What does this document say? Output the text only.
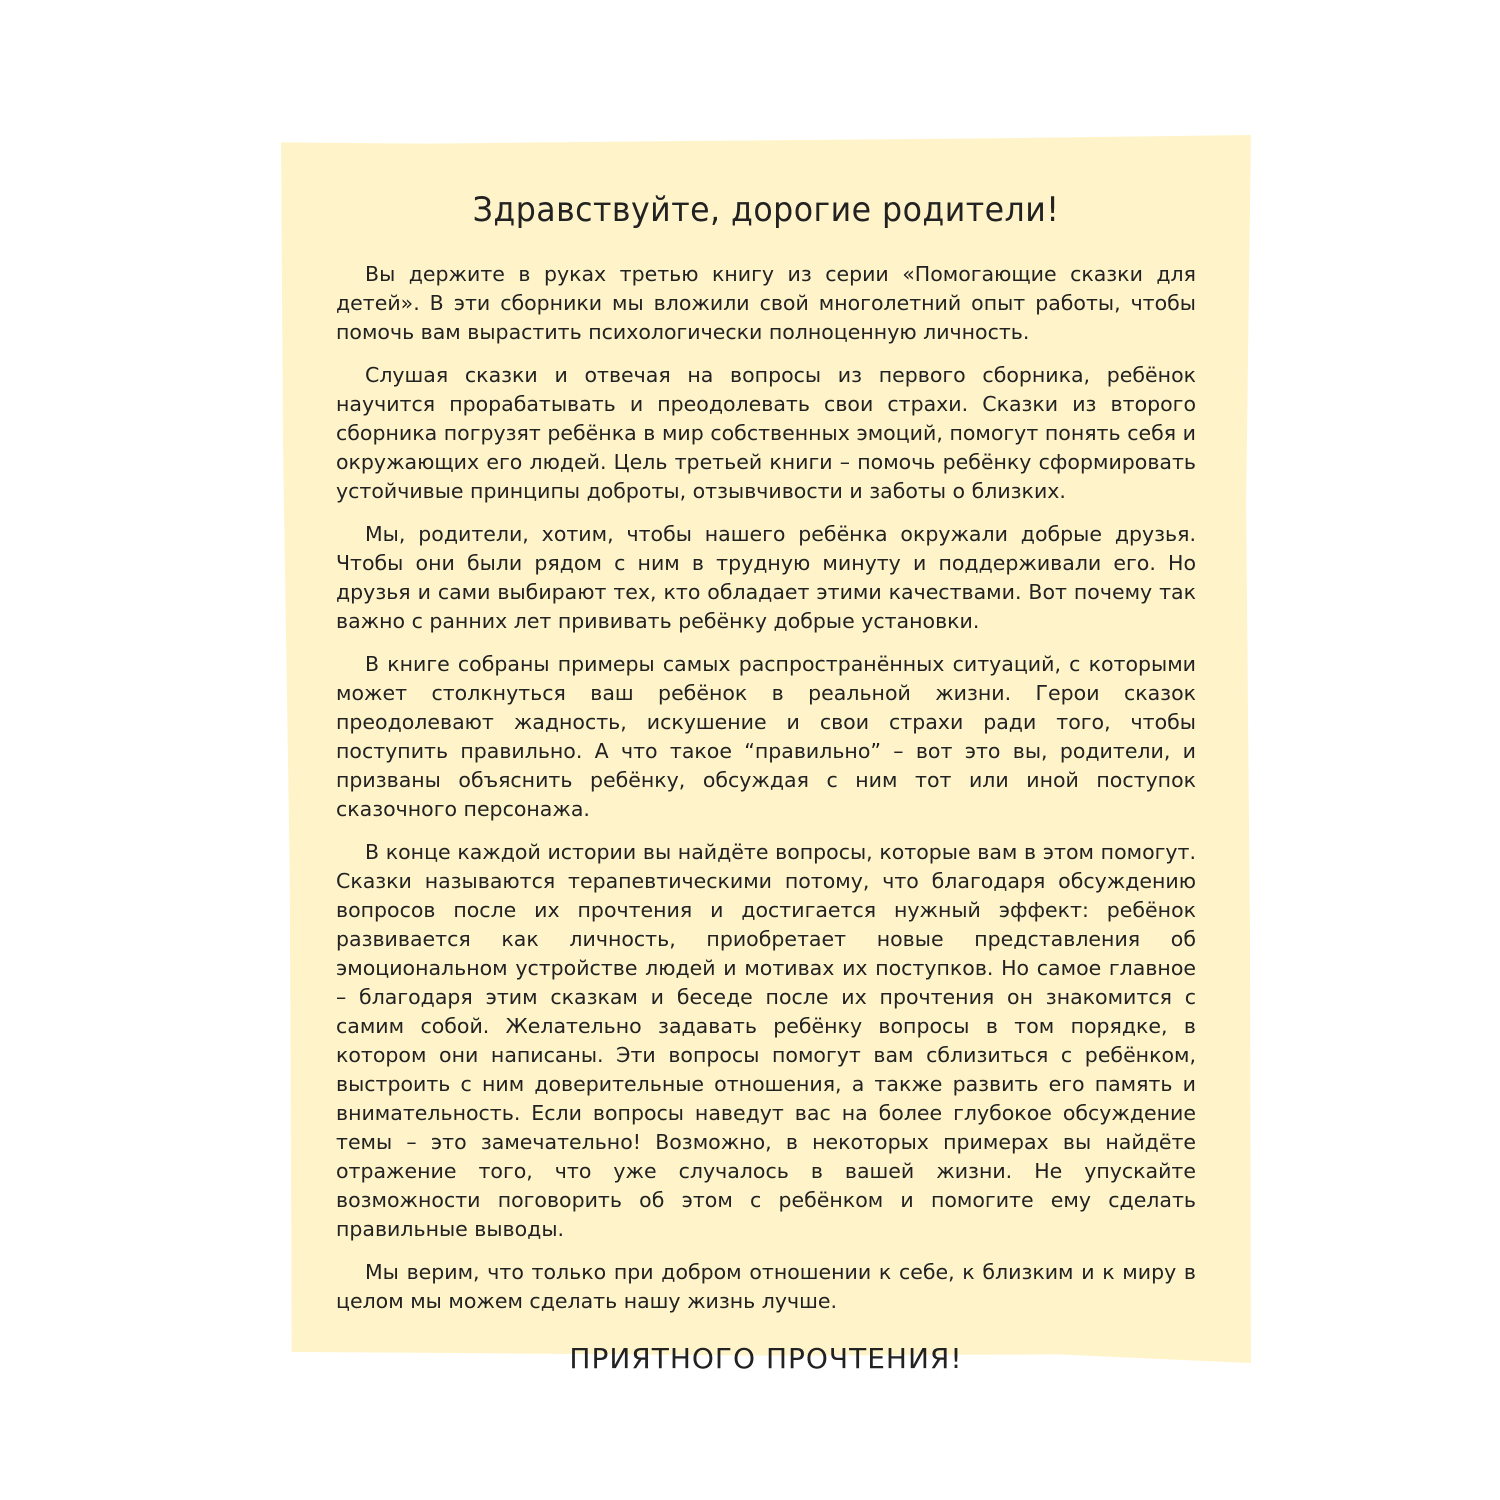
Здравствуйте, дорогие родители!

Вы держите в руках третью книгу из серии «Помогающие сказки для детей». В эти сборники мы вложили свой многолетний опыт работы, чтобы помочь вам вырастить психологически полноценную личность.

Слушая сказки и отвечая на вопросы из первого сборника, ребёнок научится прорабатывать и преодолевать свои страхи. Сказки из второго сборника погрузят ребёнка в мир собственных эмоций, помогут понять себя и окружающих его людей. Цель третьей книги – помочь ребёнку сформировать устойчивые принципы доброты, отзывчивости и заботы о близких.

Мы, родители, хотим, чтобы нашего ребёнка окружали добрые друзья. Чтобы они были рядом с ним в трудную минуту и поддерживали его. Но друзья и сами выбирают тех, кто обладает этими качествами. Вот почему так важно с ранних лет прививать ребёнку добрые установки.

В книге собраны примеры самых распространённых ситуаций, с которыми может столкнуться ваш ребёнок в реальной жизни. Герои сказок преодолевают жадность, искушение и свои страхи ради того, чтобы поступить правильно. А что такое “правильно” – вот это вы, родители, и призваны объяснить ребёнку, обсуждая с ним тот или иной поступок сказочного персонажа.

В конце каждой истории вы найдёте вопросы, которые вам в этом помогут. Сказки называются терапевтическими потому, что благодаря обсуждению вопросов после их прочтения и достигается нужный эффект: ребёнок развивается как личность, приобретает новые представления об эмоциональном устройстве людей и мотивах их поступков. Но самое главное – благодаря этим сказкам и беседе после их прочтения он знакомится с самим собой. Желательно задавать ребёнку вопросы в том порядке, в котором они написаны. Эти вопросы помогут вам сблизиться с ребёнком, выстроить с ним доверительные отношения, а также развить его память и внимательность. Если вопросы наведут вас на более глубокое обсуждение темы – это замечательно! Возможно, в некоторых примерах вы найдёте отражение того, что уже случалось в вашей жизни. Не упускайте возможности поговорить об этом с ребёнком и помогите ему сделать правильные выводы.

Мы верим, что только при добром отношении к себе, к близким и к миру в целом мы можем сделать нашу жизнь лучше.

ПРИЯТНОГО ПРОЧТЕНИЯ!
